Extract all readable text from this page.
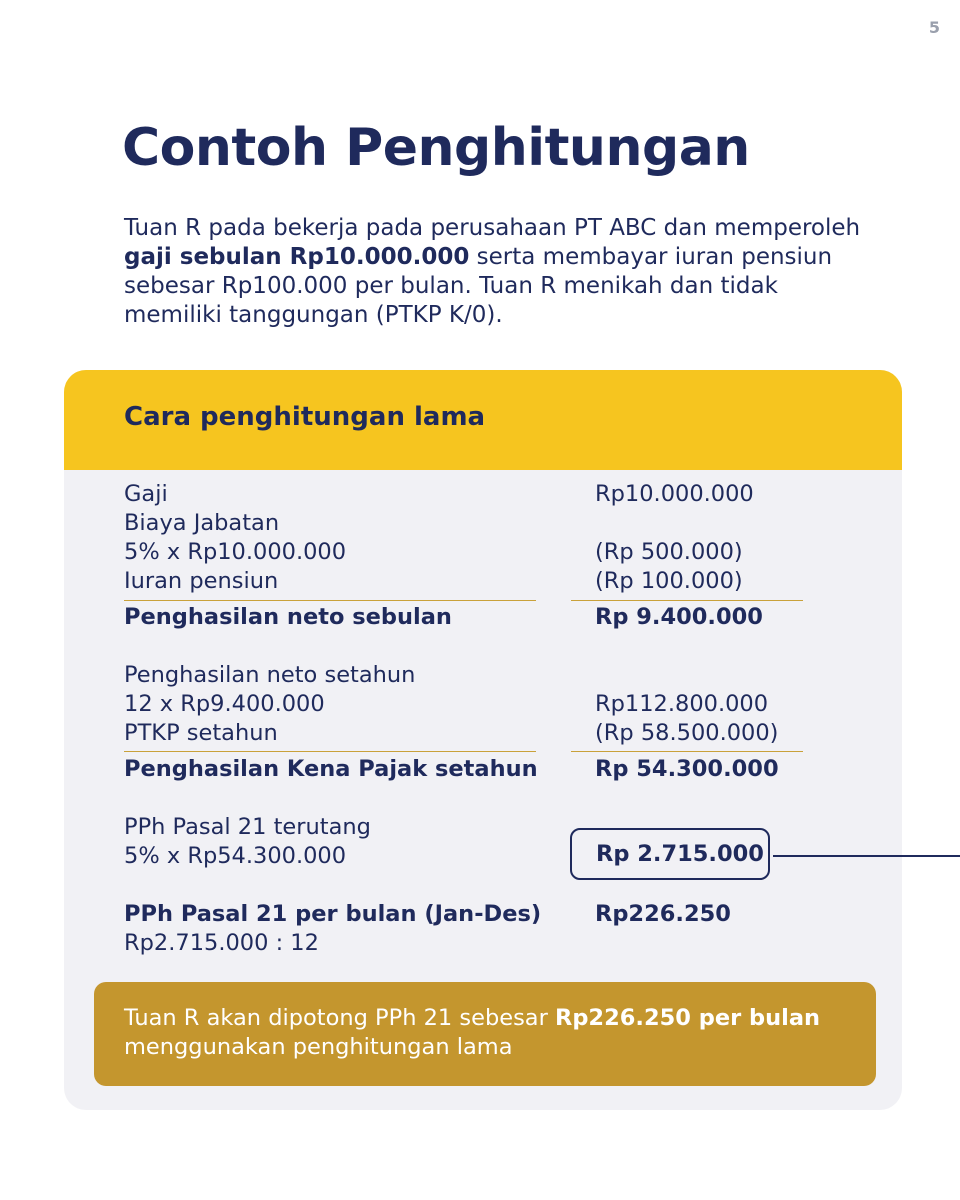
5
Contoh Penghitungan

Tuan R pada bekerja pada perusahaan PT ABC dan memperoleh gaji sebulan Rp10.000.000 serta membayar iuran pensiun sebesar Rp100.000 per bulan. Tuan R menikah dan tidak memiliki tanggungan (PTKP K/0).

Cara penghitungan lama
Gaji	Rp10.000.000
Biaya Jabatan
5% x Rp10.000.000	(Rp 500.000)
Iuran pensiun	(Rp 100.000)
Penghasilan neto sebulan	Rp 9.400.000
Penghasilan neto setahun
12 x Rp9.400.000	Rp112.800.000
PTKP setahun	(Rp 58.500.000)
Penghasilan Kena Pajak setahun	Rp 54.300.000
PPh Pasal 21 terutang
5% x Rp54.300.000	Rp 2.715.000
PPh Pasal 21 per bulan (Jan-Des) Rp226.250
Rp2.715.000 : 12

Tuan R akan dipotong PPh 21 sebesar Rp226.250 per bulan menggunakan penghitungan lama
